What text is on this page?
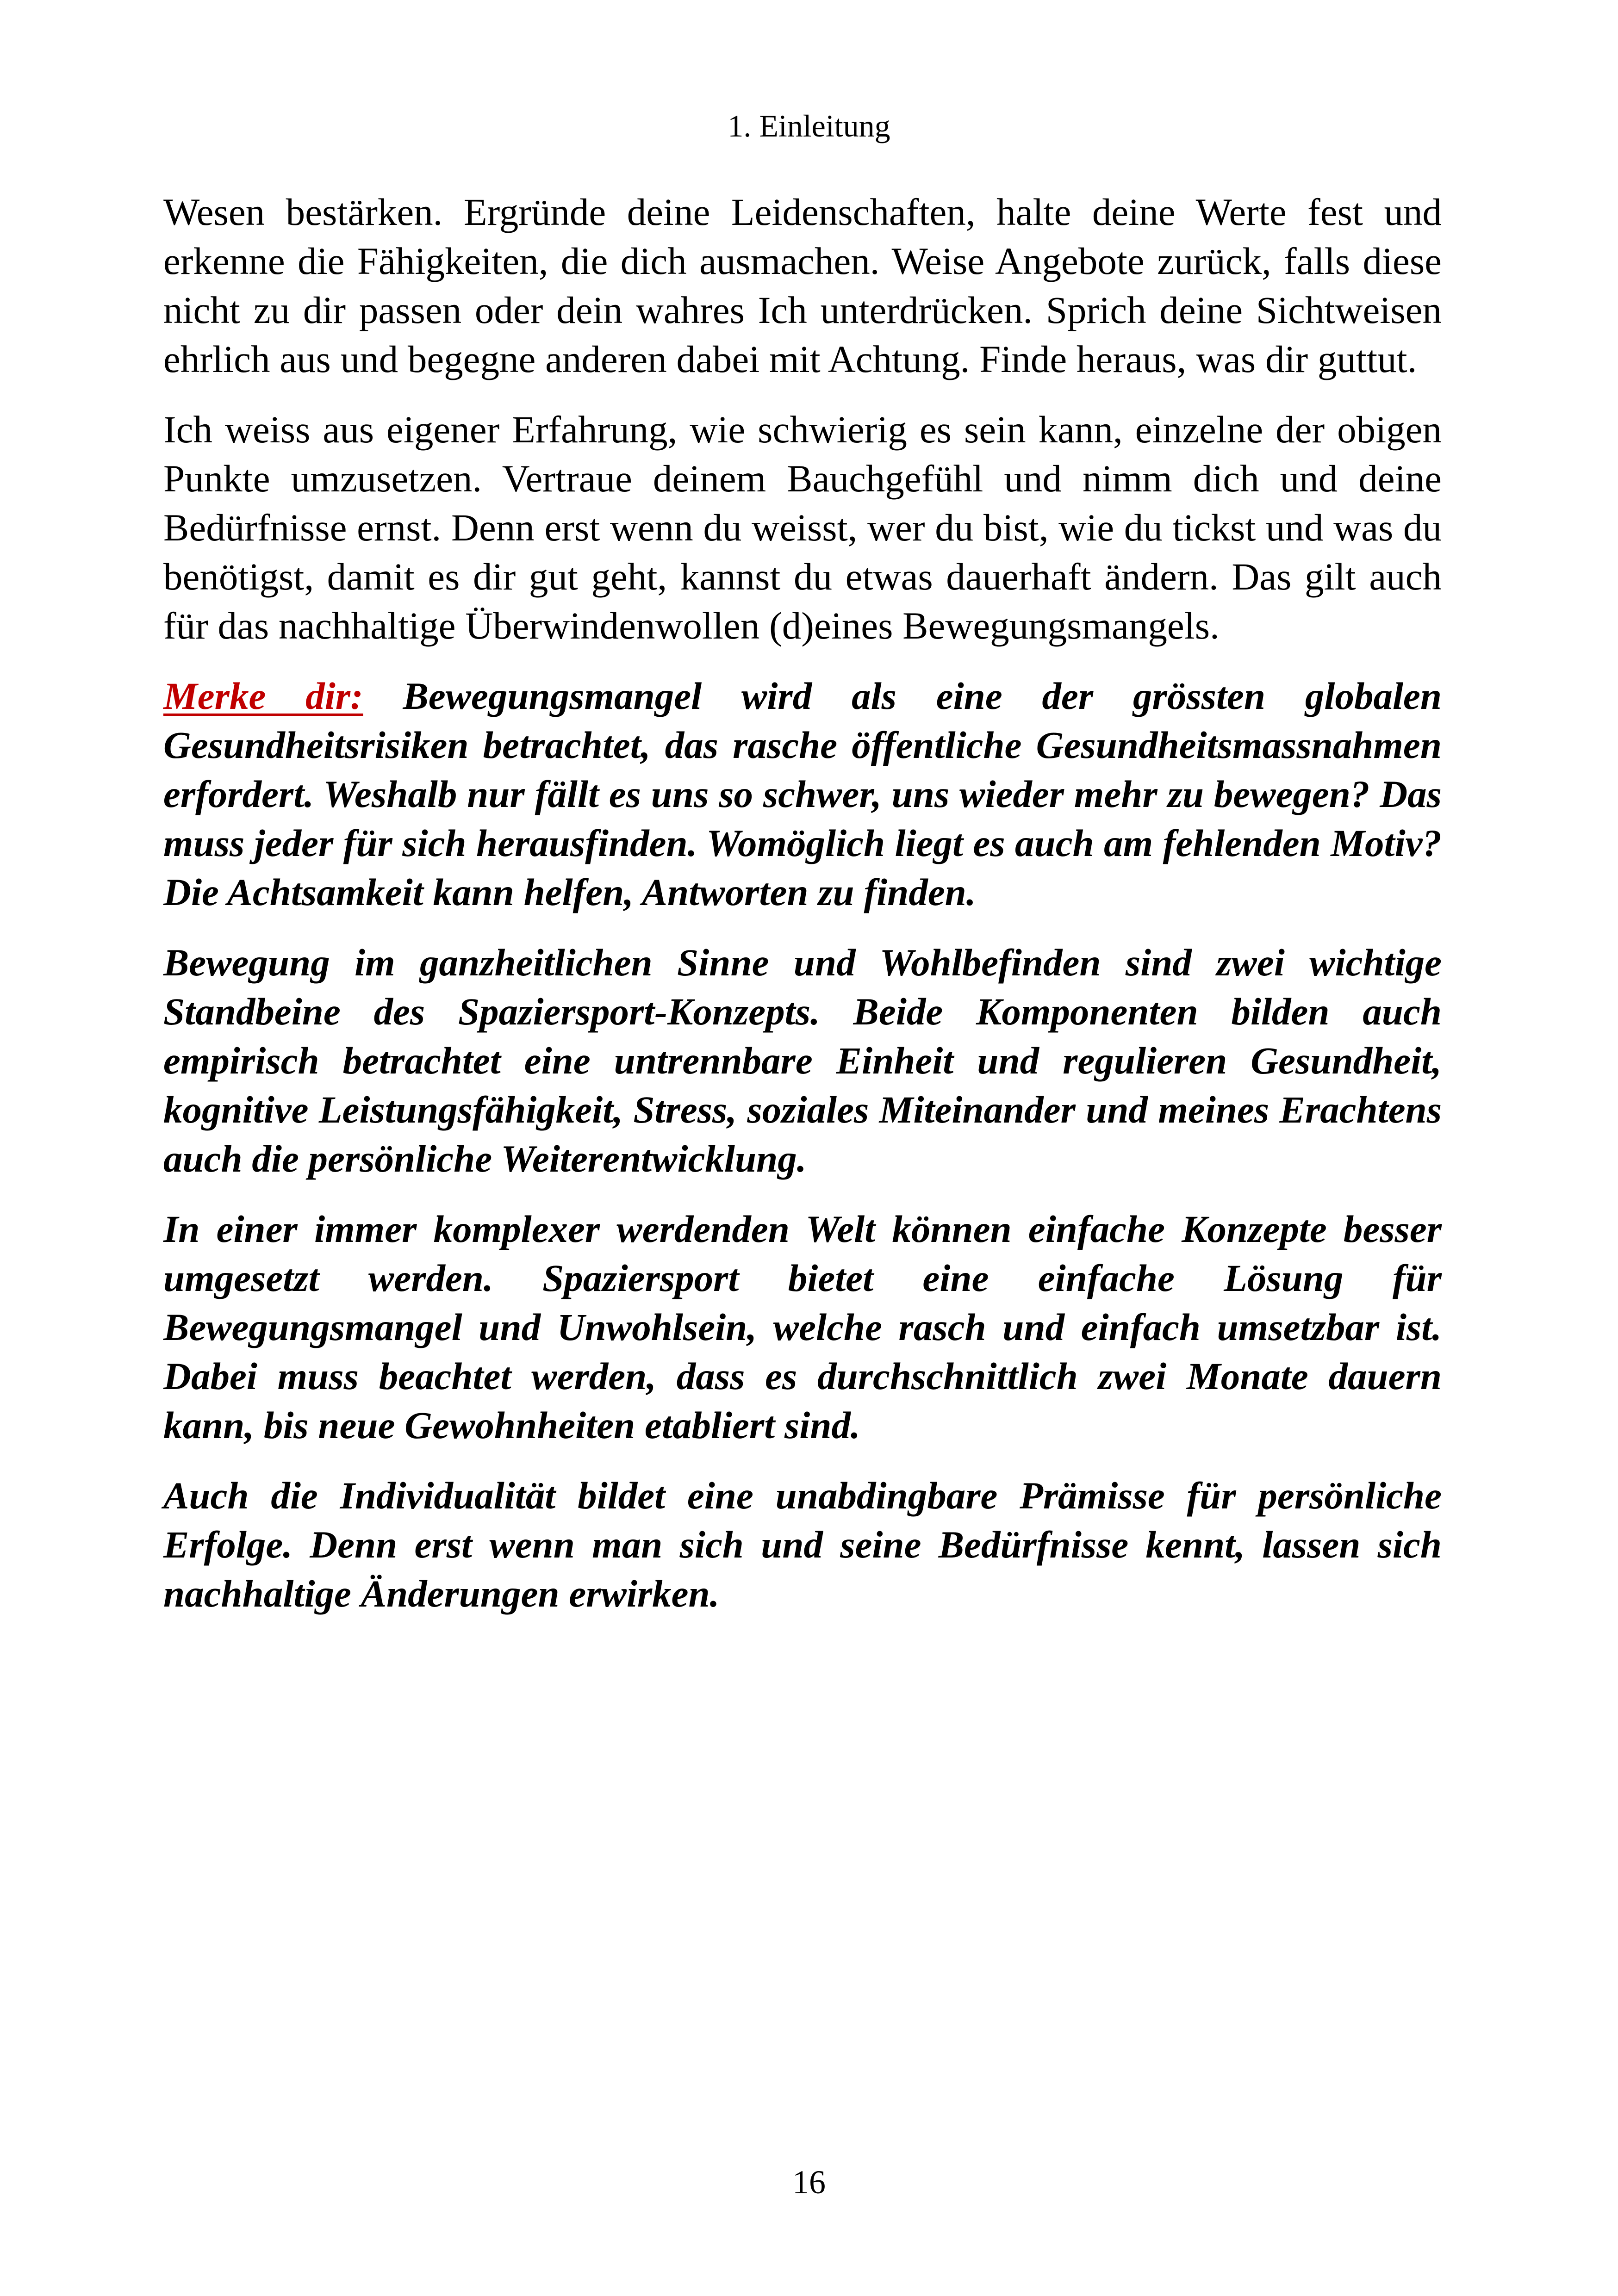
1. Einleitung

Wesen bestärken. Ergründe deine Leidenschaften, halte deine Werte fest und erkenne die Fähigkeiten, die dich ausmachen. Weise Angebote zurück, falls diese nicht zu dir passen oder dein wahres Ich unterdrücken. Sprich deine Sichtweisen ehrlich aus und begegne anderen dabei mit Achtung. Finde heraus, was dir guttut.

Ich weiss aus eigener Erfahrung, wie schwierig es sein kann, einzelne der obigen Punkte umzusetzen. Vertraue deinem Bauchgefühl und nimm dich und deine Bedürfnisse ernst. Denn erst wenn du weisst, wer du bist, wie du tickst und was du benötigst, damit es dir gut geht, kannst du etwas dauerhaft ändern. Das gilt auch für das nachhaltige Überwindenwollen (d)eines Bewegungsmangels.

Merke dir: Bewegungsmangel wird als eine der grössten globalen Gesundheitsrisiken betrachtet, das rasche öffentliche Gesundheitsmassnahmen erfordert. Weshalb nur fällt es uns so schwer, uns wieder mehr zu bewegen? Das muss jeder für sich herausfinden. Womöglich liegt es auch am fehlenden Motiv? Die Achtsamkeit kann helfen, Antworten zu finden.

Bewegung im ganzheitlichen Sinne und Wohlbefinden sind zwei wichtige Standbeine des Spaziersport-Konzepts. Beide Komponenten bilden auch empirisch betrachtet eine untrennbare Einheit und regulieren Gesundheit, kognitive Leistungsfähigkeit, Stress, soziales Miteinander und meines Erachtens auch die persönliche Weiterentwicklung.

In einer immer komplexer werdenden Welt können einfache Konzepte besser umgesetzt werden. Spaziersport bietet eine einfache Lösung für Bewegungsmangel und Unwohlsein, welche rasch und einfach umsetzbar ist. Dabei muss beachtet werden, dass es durchschnittlich zwei Monate dauern kann, bis neue Gewohnheiten etabliert sind.

Auch die Individualität bildet eine unabdingbare Prämisse für persönliche Erfolge. Denn erst wenn man sich und seine Bedürfnisse kennt, lassen sich nachhaltige Änderungen erwirken.

16
